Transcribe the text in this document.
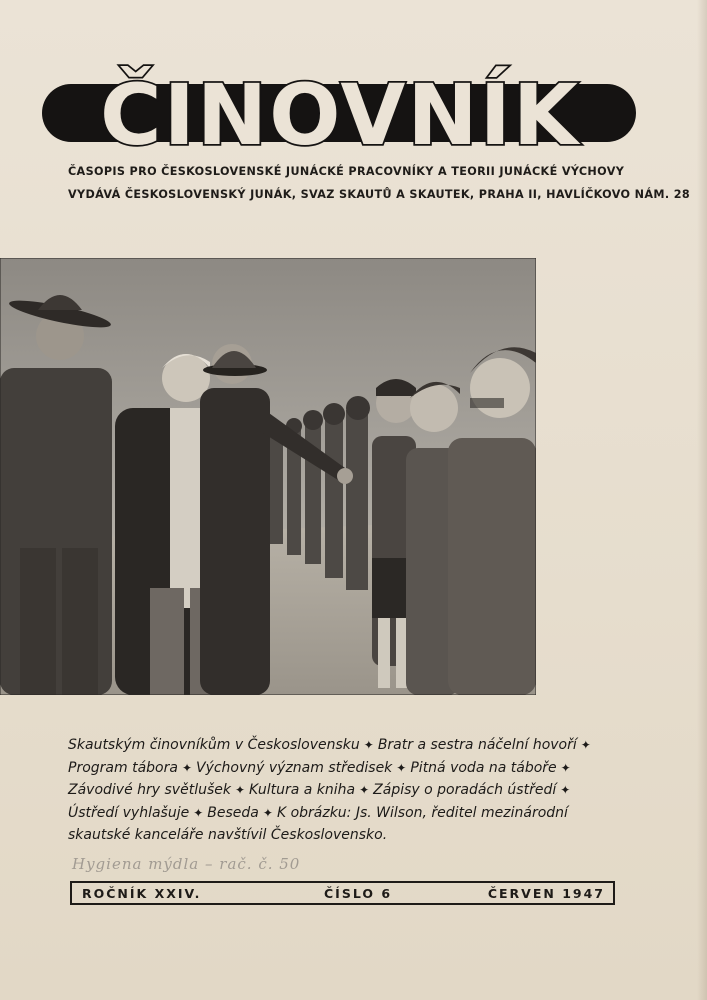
ČINOVNÍK
ČASOPIS PRO ČESKOSLOVENSKÉ JUNÁCKÉ PRACOVNÍKY A TEORII JUNÁCKÉ VÝCHOVY
VYDÁVÁ ČESKOSLOVENSKÝ JUNÁK, SVAZ SKAUTŮ A SKAUTEK, PRAHA II, HAVLÍČKOVO NÁM. 28
Skautským činovníkům v Československu ✦ Bratr a sestra náčelní hovoří ✦
Program tábora ✦ Výchovný význam středisek ✦ Pitná voda na táboře ✦
Závodivé hry světlušek ✦ Kultura a kniha ✦ Zápisy o poradách ústředí ✦
Ústředí vyhlašuje ✦ Beseda ✦ K obrázku: Js. Wilson, ředitel mezinárodní
skautské kanceláře navštívil Československo.
Hygiena mýdla – rač. č. 50
ROČNÍK XXIV.	ČÍSLO 6	ČERVEN 1947
